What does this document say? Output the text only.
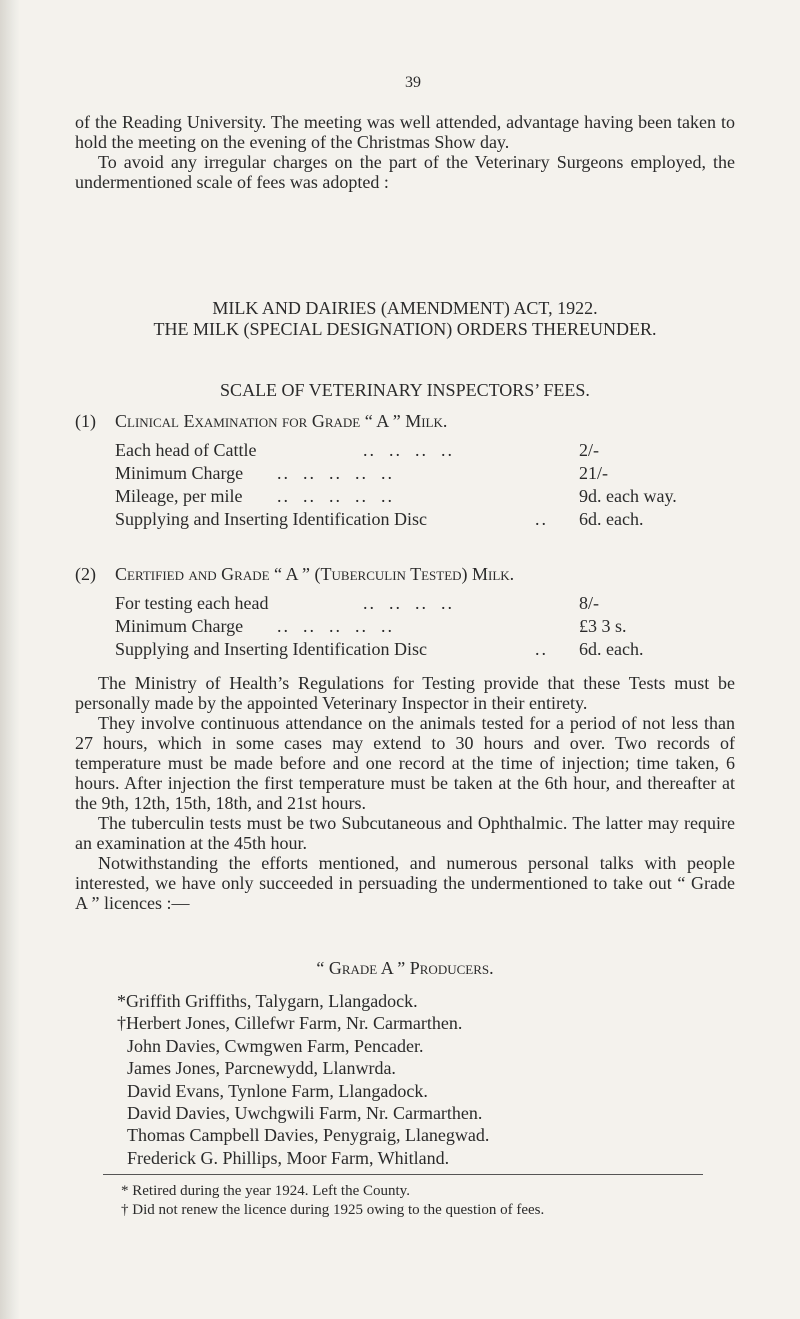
39

of the Reading University. The meeting was well attended, advantage having been taken to hold the meeting on the evening of the Christmas Show day.

To avoid any irregular charges on the part of the Veterinary Surgeons employed, the undermentioned scale of fees was adopted :

MILK AND DAIRIES (AMENDMENT) ACT, 1922.
THE MILK (SPECIAL DESIGNATION) ORDERS THEREUNDER.
SCALE OF VETERINARY INSPECTORS’ FEES.
(1) Clinical Examination for Grade “ A ” Milk.
..  ..  ..  ..
Each head of Cattle	2/-
..  ..  ..  ..  ..
Minimum Charge	21/-
..  ..  ..  ..  ..
Mileage, per mile	9d. each way.
..
Supplying and Inserting Identification Disc	6d. each.
(2) Certified and Grade “ A ” (Tuberculin Tested) Milk.
..  ..  ..  ..
For testing each head	8/-
..  ..  ..  ..  ..
Minimum Charge	£3 3 s.
..
Supplying and Inserting Identification Disc	6d. each.

The Ministry of Health’s Regulations for Testing provide that these Tests must be personally made by the appointed Veterinary Inspector in their entirety.

They involve continuous attendance on the animals tested for a period of not less than 27 hours, which in some cases may extend to 30 hours and over. Two records of temperature must be made before and one record at the time of injection; time taken, 6 hours. After injection the first temperature must be taken at the 6th hour, and thereafter at the 9th, 12th, 15th, 18th, and 21st hours.

The tuberculin tests must be two Subcutaneous and Ophthalmic. The latter may require an examination at the 45th hour.

Notwithstanding the efforts mentioned, and numerous personal talks with people interested, we have only succeeded in persuading the undermentioned to take out “ Grade A ” licences :—

“ Grade A ” Producers.
*Griffith Griffiths, Talygarn, Llangadock.
†Herbert Jones, Cillefwr Farm, Nr. Carmarthen.
John Davies, Cwmgwen Farm, Pencader.
James Jones, Parcnewydd, Llanwrda.
David Evans, Tynlone Farm, Llangadock.
David Davies, Uwchgwili Farm, Nr. Carmarthen.
Thomas Campbell Davies, Penygraig, Llanegwad.
Frederick G. Phillips, Moor Farm, Whitland.
* Retired during the year 1924. Left the County.
† Did not renew the licence during 1925 owing to the question of fees.
